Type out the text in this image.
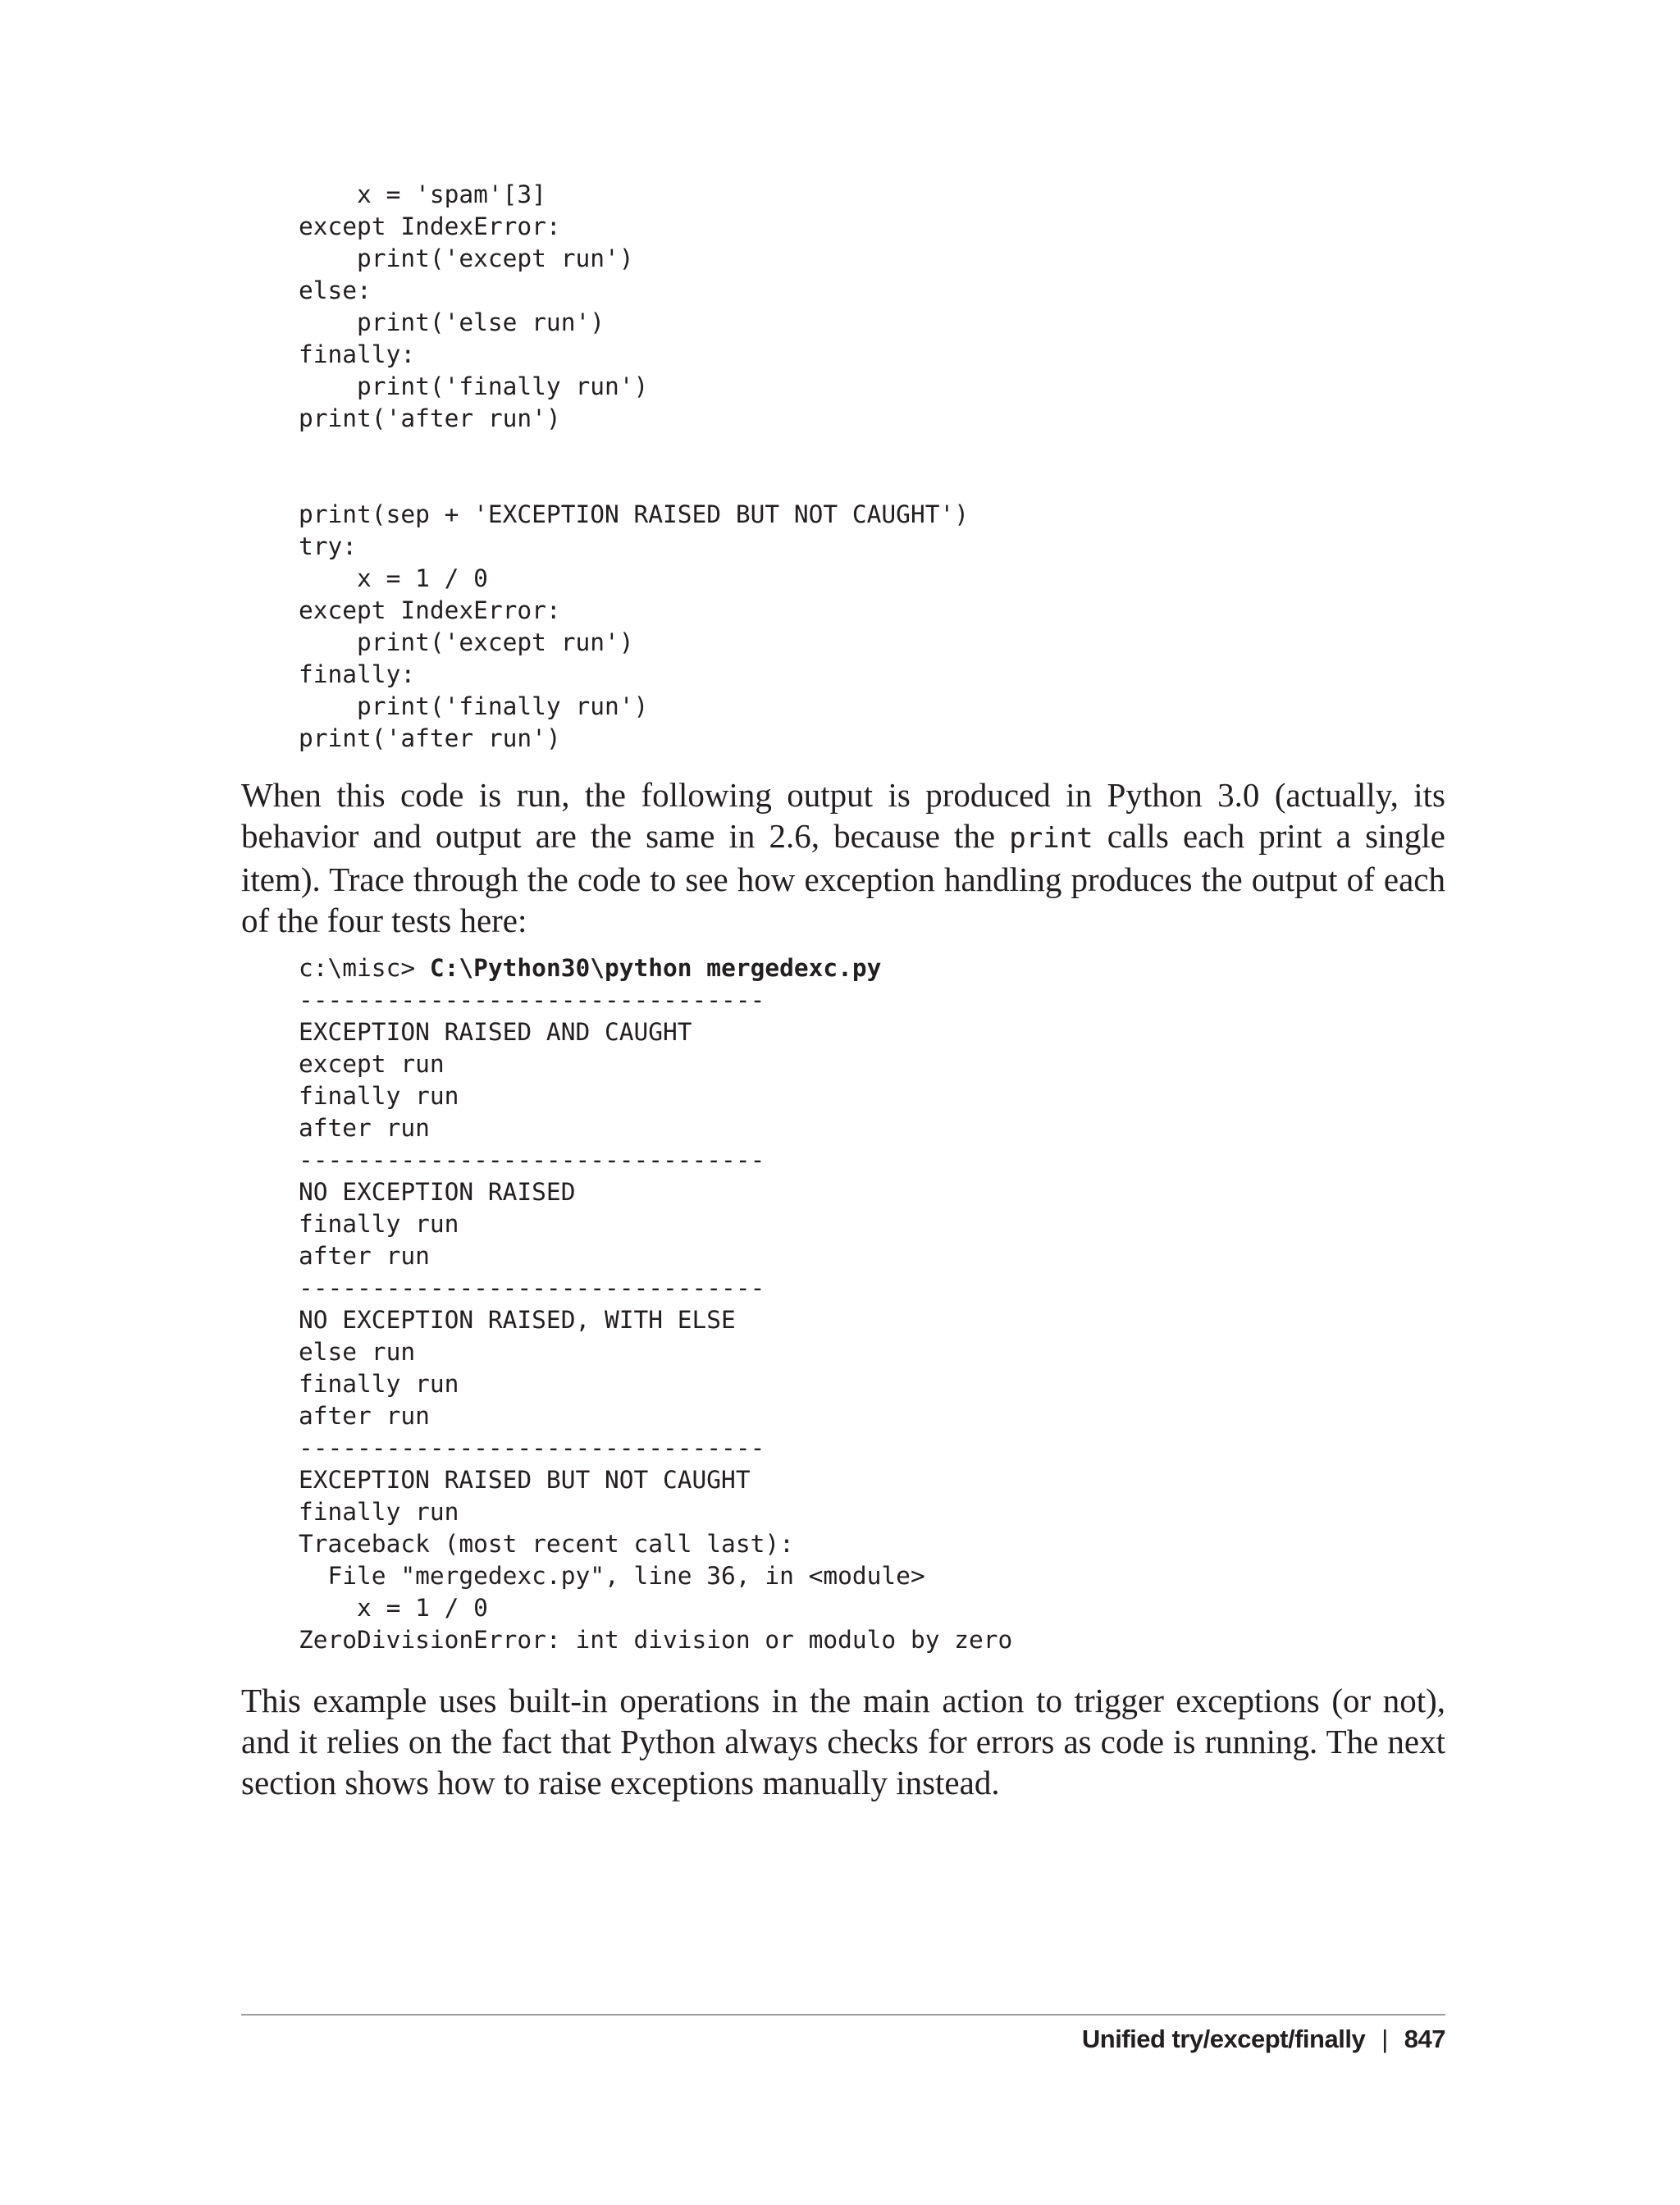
x = 'spam'[3]
except IndexError:
print('except run')
else:
print('else run')
finally:
print('finally run')
print('after run')
print(sep + 'EXCEPTION RAISED BUT NOT CAUGHT')
try:
x = 1 / 0
except IndexError:
print('except run')
finally:
print('finally run')
print('after run')

When this code is run, the following output is produced in Python 3.0 (actually, its behavior and output are the same in 2.6, because the print calls each print a single item). Trace through the code to see how exception handling produces the output of each of the four tests here:

c:\misc> C:\Python30\python mergedexc.py
--------------------------------
EXCEPTION RAISED AND CAUGHT
except run
finally run
after run
--------------------------------
NO EXCEPTION RAISED
finally run
after run
--------------------------------
NO EXCEPTION RAISED, WITH ELSE
else run
finally run
after run
--------------------------------
EXCEPTION RAISED BUT NOT CAUGHT
finally run
Traceback (most recent call last):
File "mergedexc.py", line 36, in <module>
x = 1 / 0
ZeroDivisionError: int division or modulo by zero

This example uses built-in operations in the main action to trigger exceptions (or not), and it relies on the fact that Python always checks for errors as code is running. The next section shows how to raise exceptions manually instead.

Unified try/except/finally | 847
